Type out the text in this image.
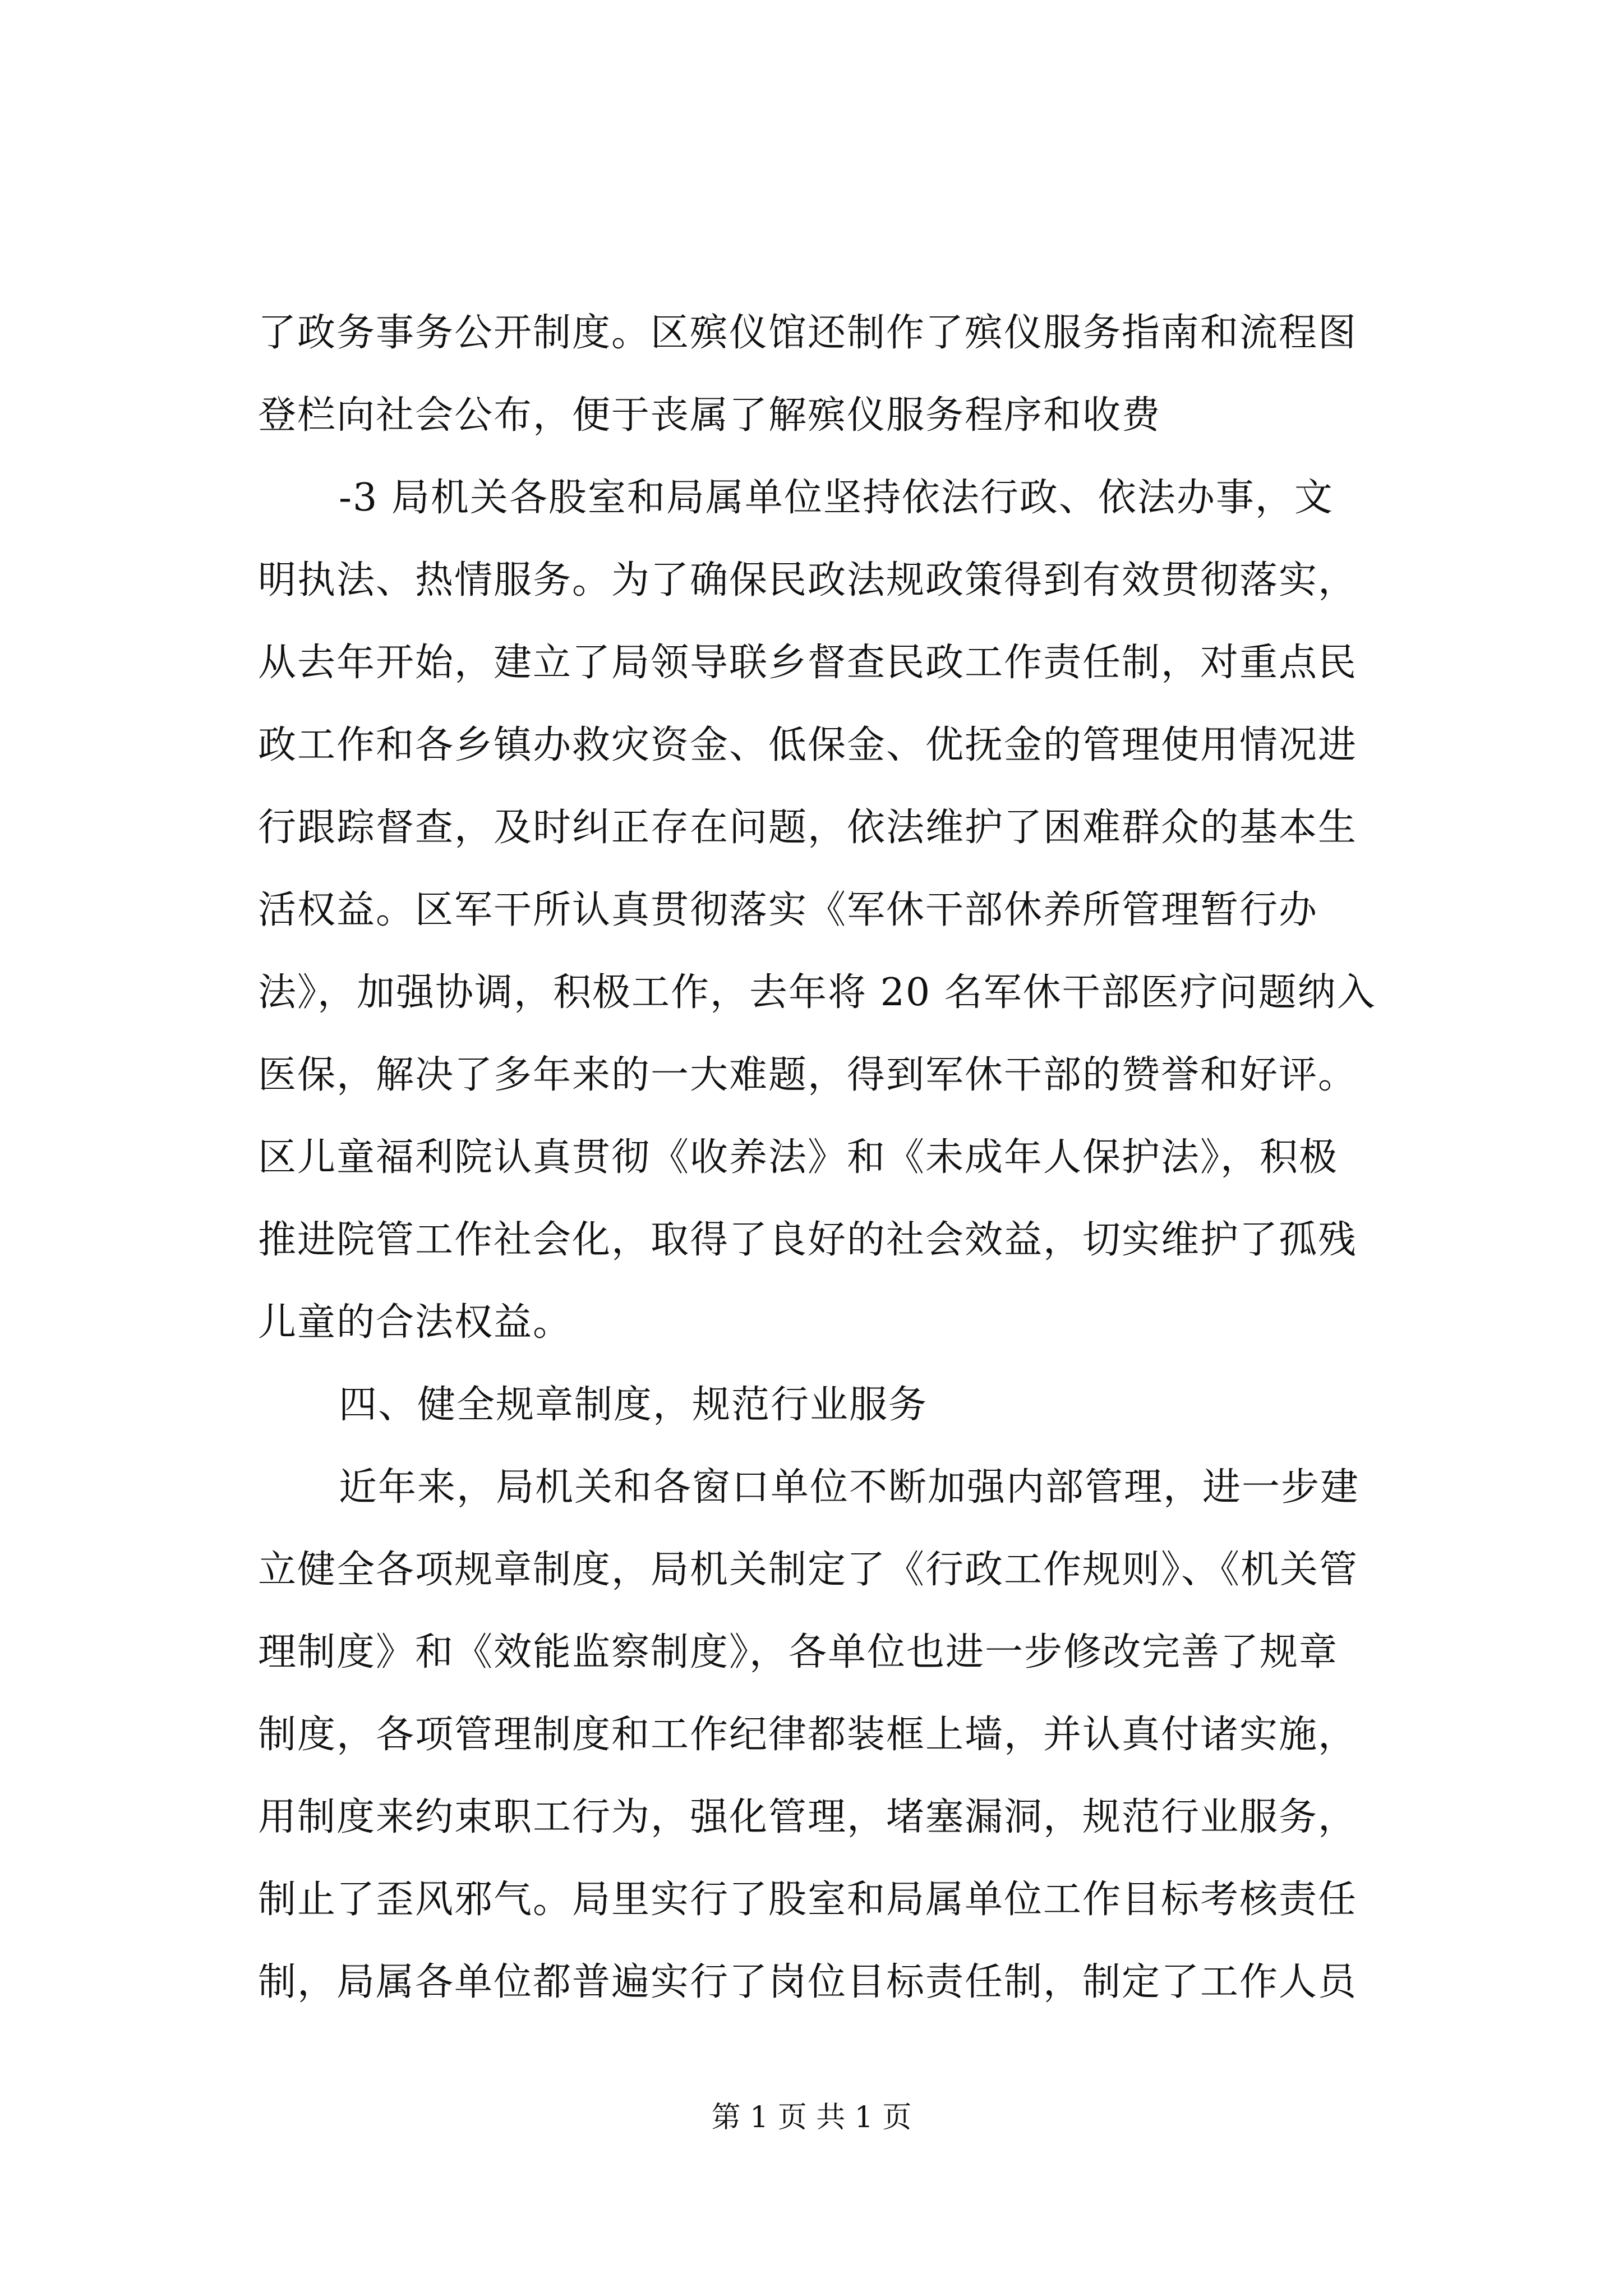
了政务事务公开制度。区殡仪馆还制作了殡仪服务指南和流程图
登栏向社会公布，便于丧属了解殡仪服务程序和收费
-3 局机关各股室和局属单位坚持依法行政、依法办事，文
明执法、热情服务。为了确保民政法规政策得到有效贯彻落实，
从去年开始，建立了局领导联乡督查民政工作责任制，对重点民
政工作和各乡镇办救灾资金、低保金、优抚金的管理使用情况进
行跟踪督查，及时纠正存在问题，依法维护了困难群众的基本生
活权益。区军干所认真贯彻落实《军休干部休养所管理暂行办
法》，加强协调，积极工作，去年将 20 名军休干部医疗问题纳入
医保，解决了多年来的一大难题，得到军休干部的赞誉和好评。
区儿童福利院认真贯彻《收养法》和《未成年人保护法》，积极
推进院管工作社会化，取得了良好的社会效益，切实维护了孤残
儿童的合法权益。
四、健全规章制度，规范行业服务
近年来，局机关和各窗口单位不断加强内部管理，进一步建
立健全各项规章制度，局机关制定了《行政工作规则》、《机关管
理制度》和《效能监察制度》，各单位也进一步修改完善了规章
制度，各项管理制度和工作纪律都装框上墙，并认真付诸实施，
用制度来约束职工行为，强化管理，堵塞漏洞，规范行业服务，
制止了歪风邪气。局里实行了股室和局属单位工作目标考核责任
制，局属各单位都普遍实行了岗位目标责任制，制定了工作人员
第 1 页 共 1 页
